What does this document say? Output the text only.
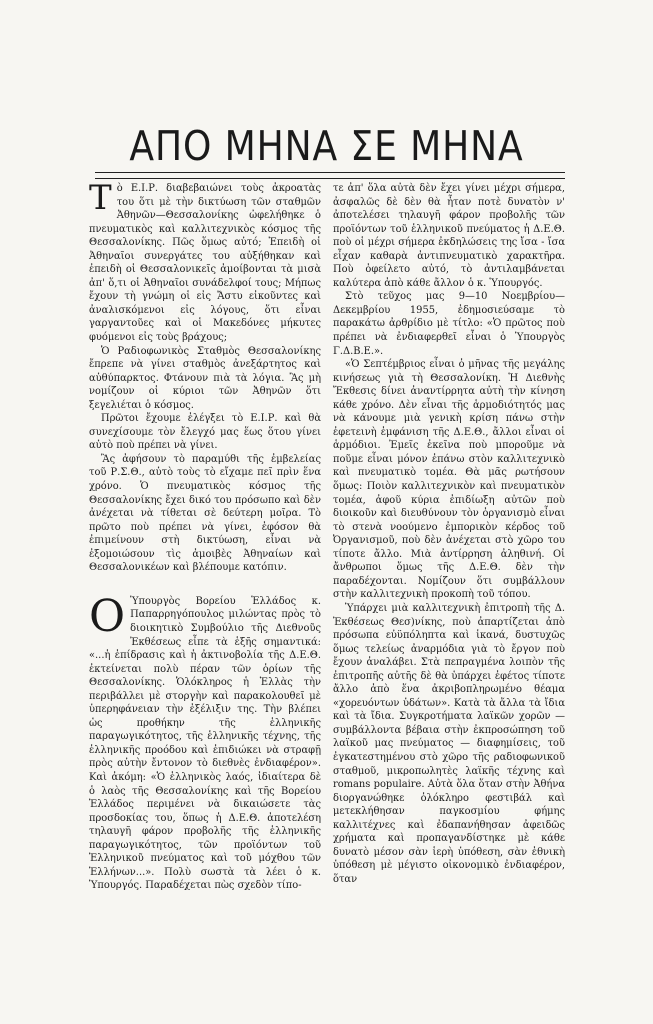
ΑΠΟ ΜΗΝΑ ΣΕ ΜΗΝΑ

Τὸ Ε.Ι.Ρ. διαβεβαιώνει τοὺς ἀκροατὰς του ὅτι μὲ τὴν δικτύωση τῶν σταθμῶν Ἀθηνῶν—Θεσσαλονίκης ὠφελήθηκε ὁ πνευματικὸς καὶ καλλιτεχνικὸς κόσμος τῆς Θεσσαλονίκης. Πῶς ὅμως αὐτό; Ἐπειδὴ οἱ Ἀθηναῖοι συνεργάτες του αὐξήθηκαν καὶ ἐπειδὴ οἱ Θεσσαλονικεῖς ἀμοίβονται τὰ μισὰ ἀπ' ὅ,τι οἱ Ἀθηναῖοι συνάδελφοί τους; Μήπως ἔχουν τὴ γνώμη οἱ εἰς Ἄστυ εἰκοῦντες καὶ ἀναλισκόμενοι εἰς λόγους, ὅτι εἶναι γαργαντοῦες καὶ οἱ Μακεδόνες μήκυτες φυόμενοι εἰς τοὺς βράχους;

Ὁ Ραδιοφωνικὸς Σταθμὸς Θεσσαλονίκης ἔπρεπε νὰ γίνει σταθμὸς ἀνεξάρτητος καὶ αὐθύπαρκτος. Φτάνουν πιὰ τὰ λόγια. Ἂς μὴ νομίζουν οἱ κύριοι τῶν Ἀθηνῶν ὅτι ξεγελιέται ὁ κόσμος.

Πρῶτοι ἔχουμε ἐλέγξει τὸ Ε.Ι.Ρ. καὶ θὰ συνεχίσουμε τὸν ἔλεγχό μας ἕως ὅτου γίνει αὐτὸ ποὺ πρέπει νὰ γίνει.

Ἂς ἀφήσουν τὸ παραμύθι τῆς ἐμβελείας τοῦ Ρ.Σ.Θ., αὐτὸ τοὺς τὸ εἴχαμε πεῖ πρὶν ἕνα χρόνο. Ὁ πνευματικὸς κόσμος τῆς Θεσσαλονίκης ἔχει δικό του πρόσωπο καὶ δὲν ἀνέχεται νὰ τίθεται σὲ δεύτερη μοῖρα. Τὸ πρῶτο ποὺ πρέπει νὰ γίνει, ἐφόσον θὰ ἐπιμείνουν στὴ δικτύωση, εἶναι νὰ ἐξομοιώσουν τὶς ἀμοιβὲς Ἀθηναίων καὶ Θεσσαλονικέων καὶ βλέπουμε κατόπιν.

Ο Ὑπουργὸς Βορείου Ἑλλάδος κ. Παπαρρηγόπουλος μιλώντας πρὸς τὸ διοικητικὸ Συμβούλιο τῆς Διεθνοῦς Ἐκθέσεως εἶπε τὰ ἑξῆς σημαντικά: «...ἡ ἐπίδρασις καὶ ἡ ἀκτινοβολία τῆς Δ.Ε.Θ. ἐκτείνεται πολὺ πέραν τῶν ὁρίων τῆς Θεσσαλονίκης. Ὁλόκληρος ἡ Ἑλλὰς τὴν περιβάλλει μὲ στοργὴν καὶ παρακολουθεῖ μὲ ὑπερηφάνειαν τὴν ἐξέλιξιν της. Τὴν βλέπει ὡς προθήκην τῆς ἑλληνικῆς παραγωγικότητος, τῆς ἑλληνικῆς τέχνης, τῆς ἑλληνικῆς προόδου καὶ ἐπιδιώκει νὰ στραφῇ πρὸς αὐτὴν ἔντονον τὸ διεθνὲς ἐνδιαφέρον». Καὶ ἀκόμη: «Ὁ ἑλληνικὸς λαός, ἰδιαίτερα δὲ ὁ λαὸς τῆς Θεσσαλονίκης καὶ τῆς Βορείου Ἑλλάδος περιμένει νὰ δικαιώσετε τὰς προσδοκίας του, ὅπως ἡ Δ.Ε.Θ. ἀποτελέση τηλαυγῆ φάρον προβολῆς τῆς ἑλληνικῆς παραγωγικότητος, τῶν προϊόντων τοῦ Ἑλληνικοῦ πνεύματος καὶ τοῦ μόχθου τῶν Ἑλλήνων...». Πολὺ σωστὰ τὰ λέει ὁ κ. Ὑπουργός. Παραδέχεται πὼς σχεδὸν τίπο-

τε ἀπ' ὅλα αὐτὰ δὲν ἔχει γίνει μέχρι σήμερα, ἀσφαλῶς δὲ δὲν θὰ ἦταν ποτὲ δυνατὸν ν' ἀποτελέσει τηλαυγῆ φάρον προβολῆς τῶν προϊόντων τοῦ ἑλληνικοῦ πνεύματος ἡ Δ.Ε.Θ. ποὺ οἱ μέχρι σήμερα ἐκδηλώσεις της ἴσα - ἴσα εἶχαν καθαρὰ ἀντιπνευματικὸ χαρακτῆρα. Ποὺ ὀφείλετο αὐτό, τὸ ἀντιλαμβάνεται καλύτερα ἀπὸ κάθε ἄλλον ὁ κ. Ὑπουργός.

Στὸ τεῦχος μας 9—10 Νοεμβρίου—Δεκεμβρίου 1955, ἐδημοσιεύσαμε τὸ παρακάτω ἀρθρίδιο μὲ τίτλο: «Ὁ πρῶτος ποὺ πρέπει νὰ ἐνδιαφερθεῖ εἶναι ὁ Ὑπουργὸς Γ.Δ.Β.Ε.».

«Ὁ Σεπτέμβριος εἶναι ὁ μῆνας τῆς μεγάλης κινήσεως γιὰ τὴ Θεσσαλονίκη. Ἡ Διεθνὴς Ἔκθεσις δίνει ἀναντίρρητα αὐτὴ τὴν κίνηση κάθε χρόνο. Δὲν εἶναι τῆς ἁρμοδιότητός μας νὰ κάνουμε μιὰ γενικὴ κρίση πάνω στὴν ἐφετεινὴ ἐμφάνιση τῆς Δ.Ε.Θ., ἄλλοι εἶναι οἱ ἁρμόδιοι. Ἐμεῖς ἐκεῖνα ποὺ μποροῦμε νὰ ποῦμε εἶναι μόνον ἐπάνω στὸν καλλιτεχνικὸ καὶ πνευματικὸ τομέα. Θὰ μᾶς ρωτήσουν ὅμως: Ποιὸν καλλιτεχνικὸν καὶ πνευματικὸν τομέα, ἀφοῦ κύρια ἐπιδίωξη αὐτῶν ποὺ διοικοῦν καὶ διευθύνουν τὸν ὀργανισμὸ εἶναι τὸ στενὰ νοούμενο ἐμπορικὸν κέρδος τοῦ Ὀργανισμοῦ, ποὺ δὲν ἀνέχεται στὸ χῶρο του τίποτε ἄλλο. Μιὰ ἀντίρρηση ἀληθινή. Οἱ ἄνθρωποι ὅμως τῆς Δ.Ε.Θ. δὲν τὴν παραδέχονται. Νομίζουν ὅτι συμβάλλουν στὴν καλλιτεχνικὴ προκοπὴ τοῦ τόπου.

Ὑπάρχει μιὰ καλλιτεχνικὴ ἐπιτροπὴ τῆς Δ. Ἐκθέσεως Θεσ)νίκης, ποὺ ἀπαρτίζεται ἀπὸ πρόσωπα εὐϋπόληπτα καὶ ἱκανά, δυστυχῶς ὅμως τελείως ἀναρμόδια γιὰ τὸ ἔργον ποὺ ἔχουν ἀναλάβει. Στὰ πεπραγμένα λοιπὸν τῆς ἐπιτροπῆς αὐτῆς δὲ θὰ ὑπάρχει ἐφέτος τίποτε ἄλλο ἀπὸ ἕνα ἀκριβοπληρωμένο θέαμα «χορευόντων ὑδάτων». Κατὰ τὰ ἄλλα τὰ ἴδια καὶ τὰ ἴδια. Συγκροτήματα λαϊκῶν χορῶν — συμβάλλοντα βέβαια στὴν ἐκπροσώπηση τοῦ λαϊκοῦ μας πνεύματος — διαφημίσεις, τοῦ ἐγκατεστημένου στὸ χῶρο τῆς ραδιοφωνικοῦ σταθμοῦ, μικροπωλητὲς λαϊκῆς τέχνης καὶ romans populaire. Αὐτὰ ὅλα ὅταν στὴν Ἀθήνα διοργανώθηκε ὁλόκληρο φεστιβάλ καὶ μετεκλήθησαν παγκοσμίου φήμης καλλιτέχνες καὶ ἐδαπανήθησαν ἀφειδῶς χρήματα καὶ προπαγανδίστηκε μὲ κάθε δυνατὸ μέσον σὰν ἱερὴ ὑπόθεση, σὰν ἐθνικὴ ὑπόθεση μὲ μέγιστο οἰκονομικὸ ἐνδιαφέρον, ὅταν
